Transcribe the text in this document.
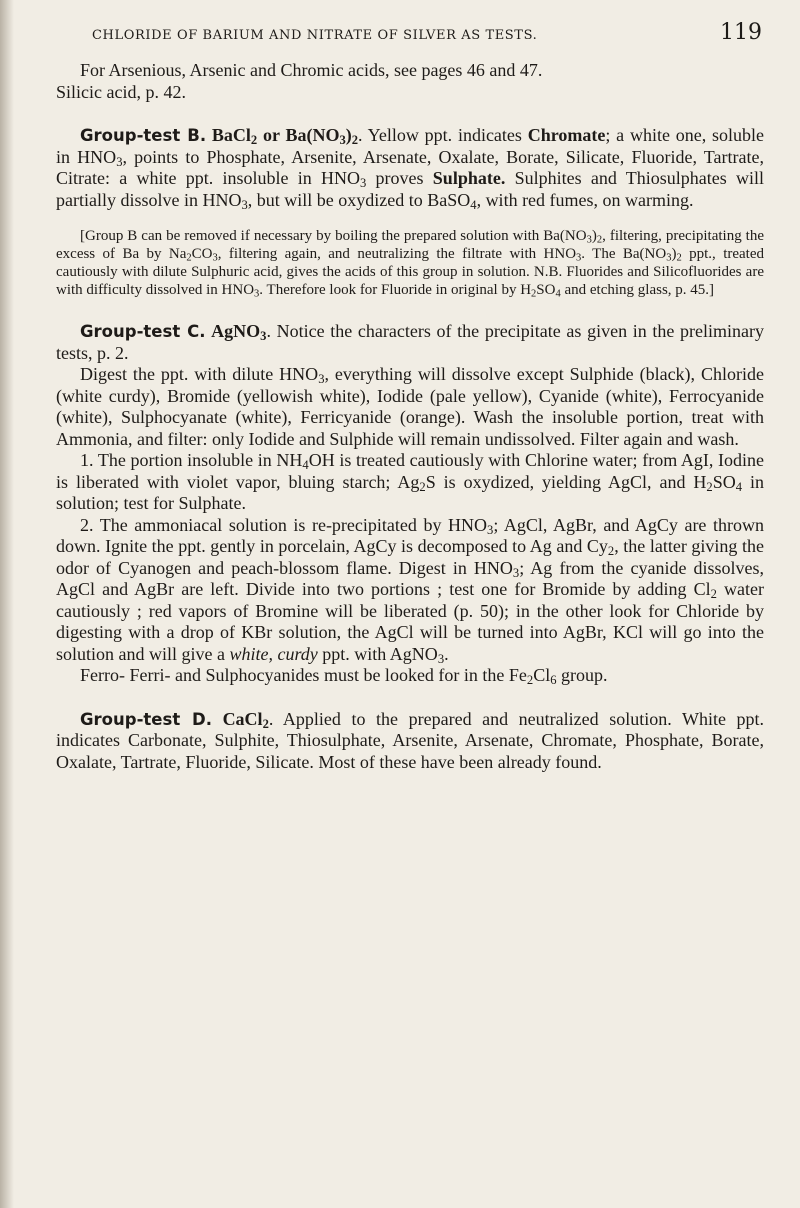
CHLORIDE OF BARIUM AND NITRATE OF SILVER AS TESTS.	119

For Arsenious, Arsenic and Chromic acids, see pages 46 and 47.
Silicic acid, p. 42.

Group-test B. BaCl$_2$ or $Ba(NO_3)_2$. Yellow ppt. indicates Chromate; a white one, soluble in $HNO_3$, points to Phosphate, Arsenite, Arsenate, Oxalate, Borate, Silicate, Fluoride, Tartrate, Citrate: a white ppt. insoluble in $HNO_3$ proves Sulphate. Sulphites and Thiosulphates will partially dissolve in $HNO_3$, but will be oxydized to BaSO$_4$, with red fumes, on warming.

[Group B can be removed if necessary by boiling the prepared solution with $Ba(NO_3)_2$, filtering, precipitating the excess of Ba by $Na_2CO_3$, filtering again, and neutralizing the filtrate with $HNO_3$. The $Ba(NO_3)_2$ ppt., treated cautiously with dilute Sulphuric acid, gives the acids of this group in solution. N.B. Fluorides and Silicofluorides are with difficulty dissolved in $HNO_3$. Therefore look for Fluoride in original by $H_2SO_4$ and etching glass, p. 45.]

Group-test C. AgNO$_3$. Notice the characters of the precipitate as given in the preliminary tests, p. 2.

Digest the ppt. with dilute $HNO_3$, everything will dissolve except Sulphide (black), Chloride (white curdy), Bromide (yellowish white), Iodide (pale yellow), Cyanide (white), Ferrocyanide (white), Sulphocyanate (white), Ferricyanide (orange). Wash the insoluble portion, treat with Ammonia, and filter: only Iodide and Sulphide will remain undissolved. Filter again and wash.

1. The portion insoluble in $NH_4OH$ is treated cautiously with Chlorine water; from AgI, Iodine is liberated with violet vapor, bluing starch; $Ag_2S$ is oxydized, yielding AgCl, and $H_2SO_4$ in solution; test for Sulphate.

2. The ammoniacal solution is re-precipitated by $HNO_3$; AgCl, AgBr, and AgCy are thrown down. Ignite the ppt. gently in porcelain, AgCy is decomposed to Ag and $Cy_2$, the latter giving the odor of Cyanogen and peach-blossom flame. Digest in $HNO_3$; Ag from the cyanide dissolves, AgCl and AgBr are left. Divide into two portions ; test one for Bromide by adding $Cl_2$ water cautiously ; red vapors of Bromine will be liberated (p. 50); in the other look for Chloride by digesting with a drop of KBr solution, the AgCl will be turned into AgBr, KCl will go into the solution and will give a white, curdy ppt. with AgNO$_3$.

Ferro- Ferri- and Sulphocyanides must be looked for in the $Fe_2Cl_6$ group.

Group-test D. CaCl$_2$. Applied to the prepared and neutralized solution. White ppt. indicates Carbonate, Sulphite, Thiosulphate, Arsenite, Arsenate, Chromate, Phosphate, Borate, Oxalate, Tartrate, Fluoride, Silicate. Most of these have been already found.
